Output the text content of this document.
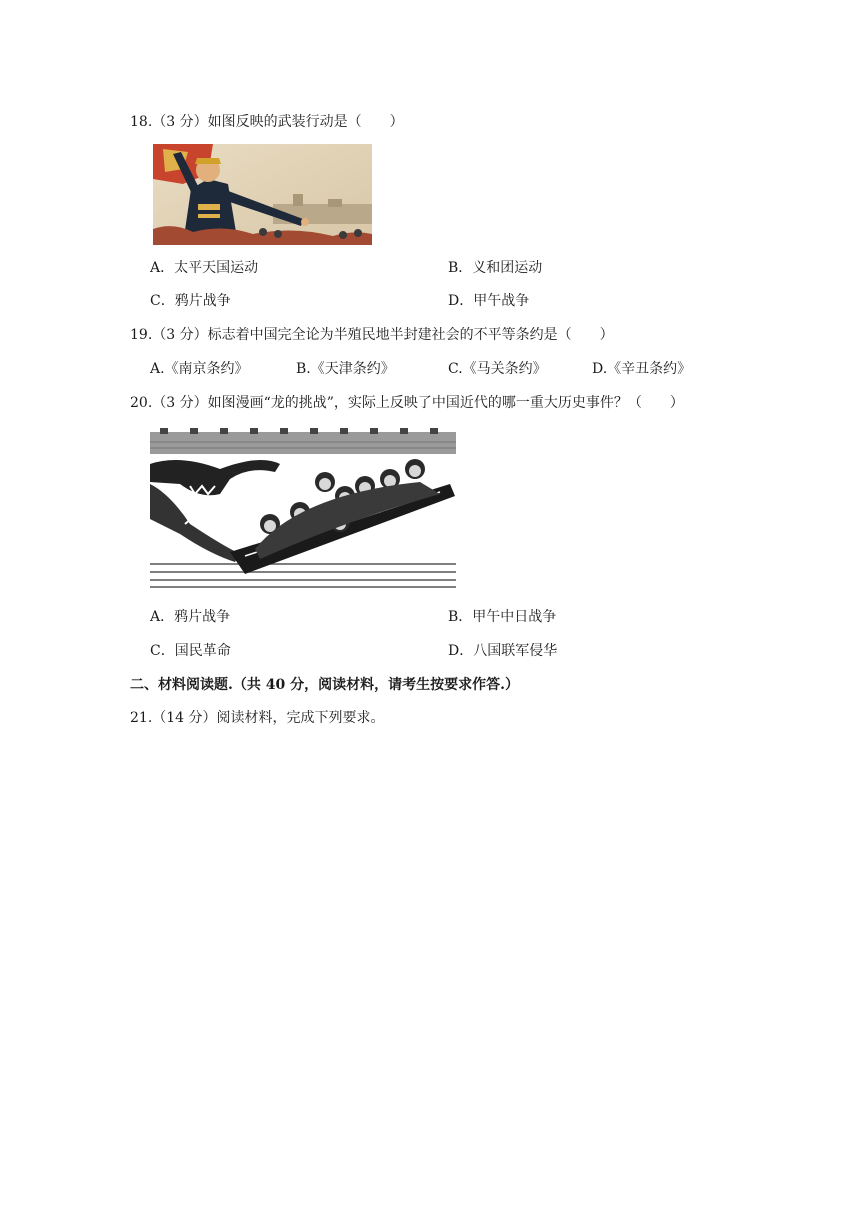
18.（3 分）如图反映的武装行动是（　　）
A．太平天国运动	B．义和团运动
C．鸦片战争	D．甲午战争
19.（3 分）标志着中国完全论为半殖民地半封建社会的不平等条约是（　　）
A.《南京条约》	B.《天津条约》	C.《马关条约》	D.《辛丑条约》
20.（3 分）如图漫画“龙的挑战”，实际上反映了中国近代的哪一重大历史事件？（　　）
A．鸦片战争	B．甲午中日战争
C．国民革命	D．八国联军侵华
二、材料阅读题.（共 40 分，阅读材料，请考生按要求作答.）
21.（14 分）阅读材料，完成下列要求。
